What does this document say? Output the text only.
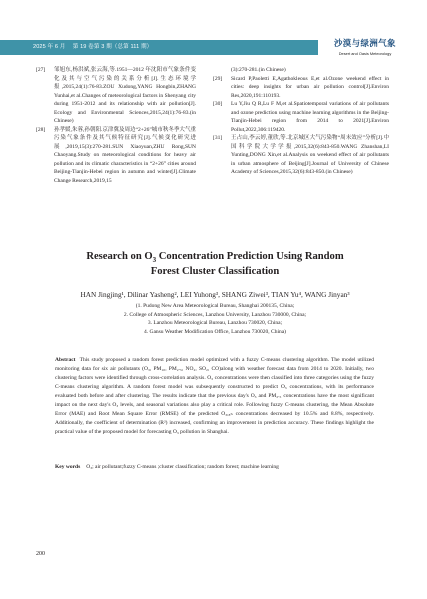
2025 年 6 月 　第 19 卷第 3 期（总第 111 期）	沙漠与绿洲气象
Desert and Oasis Meteorology
[27]	邹旭东,杨洪斌,张云海,等.1951—2012 年沈阳市气象条件变化及其与空气污染的关系分析[J].生态环境学报,2015,24(1):76-83.ZOU Xudong,YANG Hongbin,ZHANG Yunhai,et al.Changes of meteorological factors in Shenyang city during 1951-2012 and its relationship with air pollution[J]. Ecology and Environmental Sciences,2015,24(1):76-83.(in Chinese)
[28]	孙孝媛,朱蓉,孙朝阳.京津冀及周边“2+26”城市秋冬季大气重污染气象条件及其气候特征研究[J].气候变化研究进展,2019,15(3):270-281.SUN Xiaoyuan,ZHU Rong,SUN Chaoyang.Study on meteorological conditions for heavy air pollution and its climatic characteristics in “2+26” cities around Beijing-Tianjin-Hebei region in autumn and winter[J].Climate Change Research,2019,15
(3):270-281.(in Chinese)
[29]	Sicard P,Paoletti E,Agathokleous E,et al.Ozone weekend effect in cities: deep insights for urban air pollution control[J].Environ Res,2020,191:110193.
[30]	Lu Y,Jiu Q R,Lu F M,et al.Spatiotemporal variations of air pollutants and ozone prediction using machine learning algorithms in the Beijing-Tianjin-Hebei region from 2014 to 2021[J].Environ Pollut,2022,306:119420.
[31]	王占山,李云婷,董欣,等.北京城区大气污染物“周末效应”分析[J].中国科学院大学学报,2015,32(6):843-850.WANG Zhanshan,LI Yunting,DONG Xin,et al.Analysis on weekend effect of air pollutants in urban atmosphere of Beijing[J].Journal of University of Chinese Academy of Sciences,2015,32(6):843-850.(in Chinese)
Research on $O_3$ Concentration Prediction Using Random
Forest Cluster Classification
HAN Jingjing¹, Dilinar Yasheng², LEI Yuhong³, SHANG Ziwei³, TIAN Yu⁴, WANG Jinyan³
(1. Pudong New Area Meteorological Bureau, Shanghai 200135, China;
2. College of Atmospheric Sciences, Lanzhou University, Lanzhou 730000, China;
3. Lanzhou Meteorological Bureau, Lanzhou 730020, China;
4. Gansu Weather Modification Office, Lanzhou 730020, China)
Abstract This study proposed a random forest prediction model optimized with a fuzzy C-means clustering algorithm. The model utilized monitoring data for six air pollutants (O₃, PM₁₀, PM₂.₅, NO₂, SO₂, CO)along with weather forecast data from 2014 to 2020. Initially, two clustering factors were identified through cross-correlation analysis. O₃ concentrations were then classified into three categories using the fuzzy C-means clustering algorithm. A random forest model was subsequently constructed to predict O₃ concentrations, with its performance evaluated both before and after clustering. The results indicate that the previous day's O₃ and PM₂.₅ concentrations have the most significant impact on the next day's O₃ levels, and seasonal variations also play a critical role. Following fuzzy C-means clustering, the Mean Absolute Error (MAE) and Root Mean Square Error (RMSE) of the predicted O₃,₈ₕ concentrations decreased by 10.5% and 8.8%, respectively. Additionally, the coefficient of determination (R²) increased, confirming an improvement in prediction accuracy. These findings highlight the practical value of the proposed model for forecasting O₃ pollution in Shanghai.
Key words O₃; air pollutant;fuzzy C-means ;cluster classification; random forest; machine learning
200
